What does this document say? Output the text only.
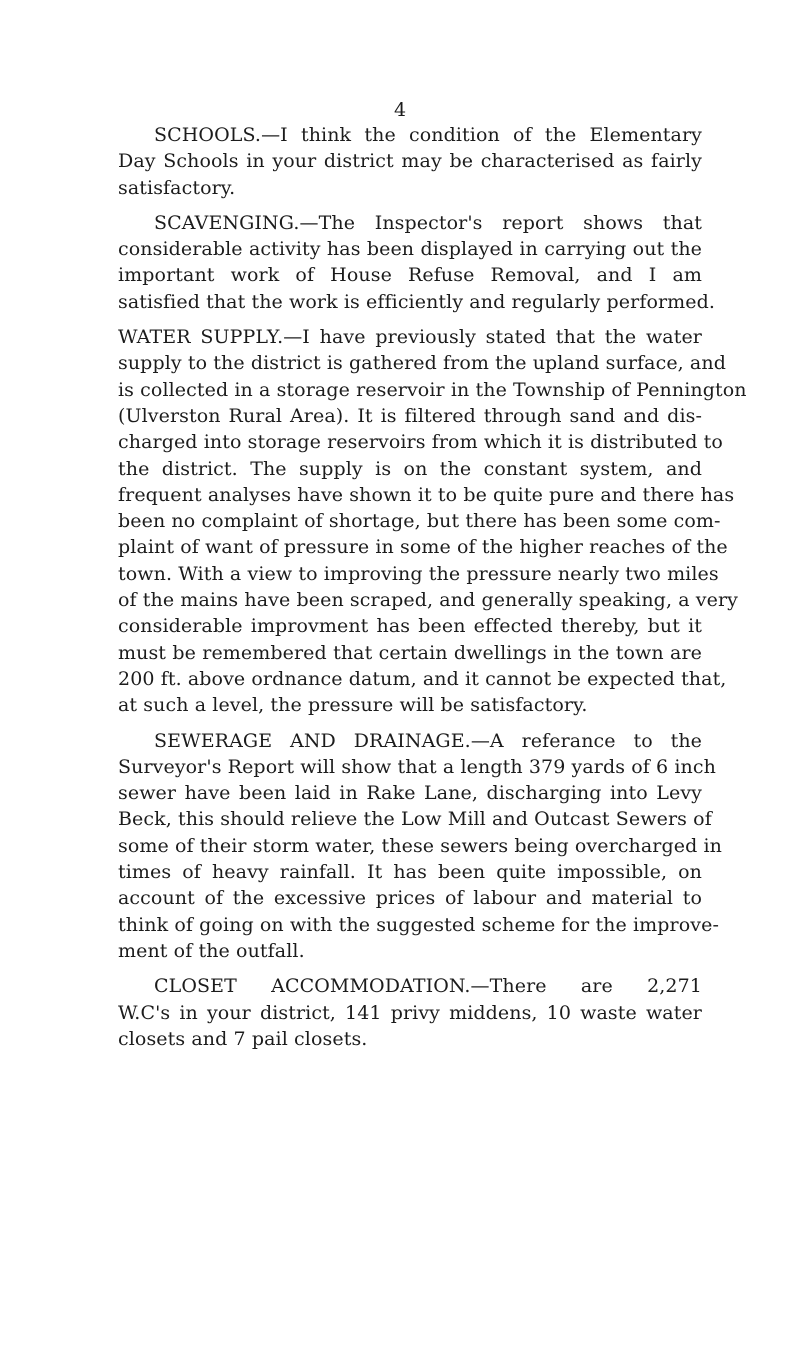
4
SCHOOLS.—I think the condition of the Elementary
Day Schools in your district may be characterised as fairly
satisfactory.
SCAVENGING.—The Inspector's report shows that
considerable activity has been displayed in carrying out the
important work of House Refuse Removal, and I am
satisfied that the work is efficiently and regularly performed.
WATER SUPPLY.—I have previously stated that the water
supply to the district is gathered from the upland surface, and
is collected in a storage reservoir in the Township of Pennington
(Ulverston Rural Area). It is filtered through sand and dis-
charged into storage reservoirs from which it is distributed to
the district. The supply is on the constant system, and
frequent analyses have shown it to be quite pure and there has
been no complaint of shortage, but there has been some com-
plaint of want of pressure in some of the higher reaches of the
town. With a view to improving the pressure nearly two miles
of the mains have been scraped, and generally speaking, a very
considerable improvment has been effected thereby, but it
must be remembered that certain dwellings in the town are
200 ft. above ordnance datum, and it cannot be expected that,
at such a level, the pressure will be satisfactory.
SEWERAGE AND DRAINAGE.—A referance to the
Surveyor's Report will show that a length 379 yards of 6 inch
sewer have been laid in Rake Lane, discharging into Levy
Beck, this should relieve the Low Mill and Outcast Sewers of
some of their storm water, these sewers being overcharged in
times of heavy rainfall. It has been quite impossible, on
account of the excessive prices of labour and material to
think of going on with the suggested scheme for the improve-
ment of the outfall.
CLOSET ACCOMMODATION.—There are 2,271
W.C's in your district, 141 privy middens, 10 waste water
closets and 7 pail closets.
